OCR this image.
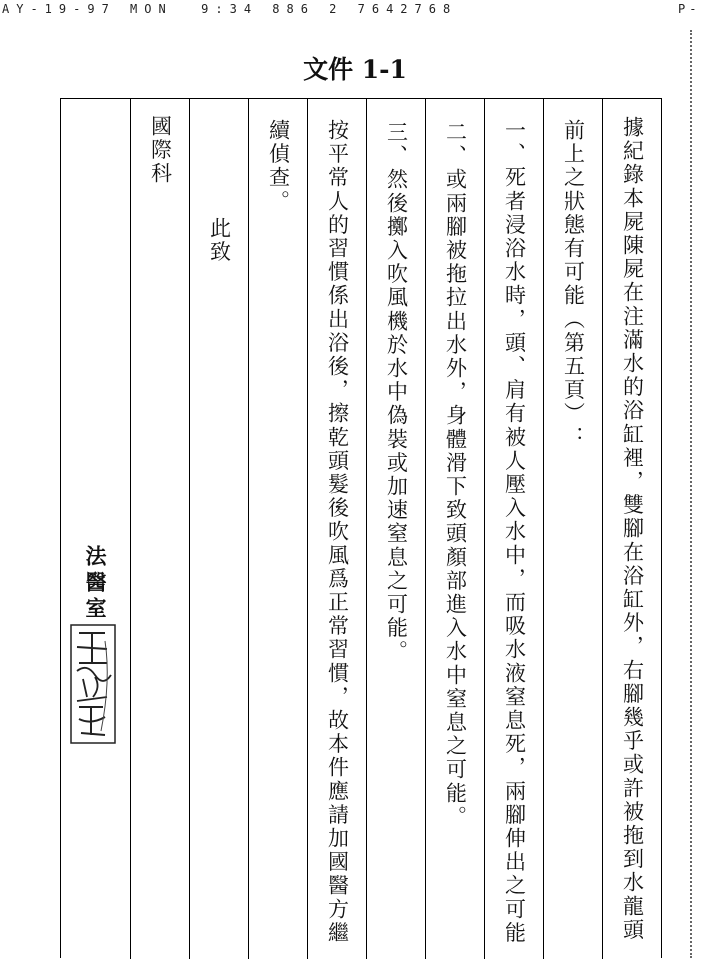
AY-19-97 MON  9:34 886 2 7642768	P-
文件 1-1
據紀錄本屍陳屍在注滿水的浴缸裡，雙腳在浴缸外，右腳幾乎或許被拖到水龍頭
前上之狀態有可能（第五頁）：
一、死者浸浴水時，頭、肩有被人壓入水中，而吸水液窒息死，兩腳伸出之可能
二、或兩腳被拖拉出水外，身體滑下致頭顏部進入水中窒息之可能。
三、然後擲入吹風機於水中偽裝或加速窒息之可能。
按平常人的習慣係出浴後，擦乾頭髮後吹風爲正常習慣，故本件應請加國醫方繼
續偵查。
此致
國際科
法醫室
